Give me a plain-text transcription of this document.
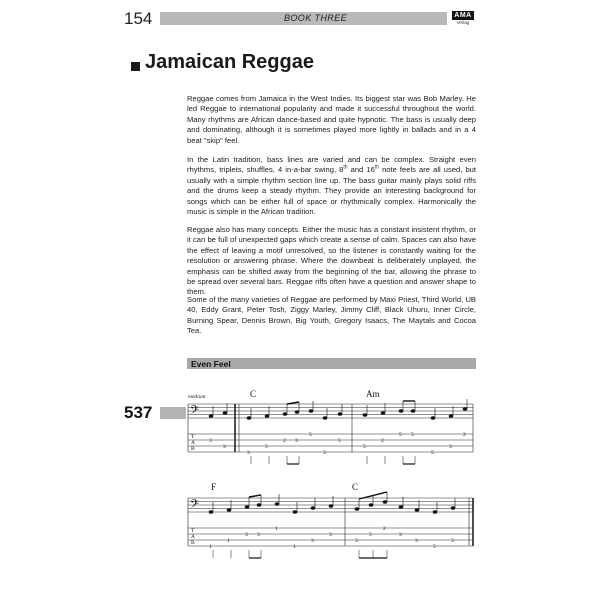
154	BOOK THREE	AMA
Verlag
Jamaican Reggae
Reggae comes from Jamaica in the West Indies. Its biggest star was Bob Marley. He led Reggae to international popularity and made it successful throughout the world. Many rhythms are African dance-based and quite hypnotic. The bass is usually deep and dominating, although it is sometimes played more lightly in ballads and in a 4 beat "skip" feel.
In the Latin tradition, bass lines are varied and can be complex. Straight even rhythms, triplets, shuffles, 4 in-a-bar swing, 8th and 16th note feels are all used, but usually with a simple rhythm section line up. The bass guitar mainly plays solid riffs and the drums keep a steady rhythm. They provide an interesting background for songs which can be either full of space or rhythmically complex. Harmonically the music is simple in the African tradition.
Reggae also has many concepts. Either the music has a constant insistent rhythm, or it can be full of unexpected gaps which create a sense of calm. Spaces can also have the effect of leaving a motif unresolved, so the listener is constantly waiting for the resolution or answering phrase. Where the downbeat is deliberately unplayed, the emphasis can be shifted away from the beginning of the bar, allowing the phrase to be spread over several bars. Reggae riffs often have a question and answer shape to them.
Some of the many varieties of Reggae are performed by Maxi Priest, Third World, UB 40, Eddy Grant, Peter Tosh, Ziggy Marley, Jimmy Cliff, Black Uhuru, Inner Circle, Burning Spear, Dennis Brown, Big Youth, Gregory Isaacs, The Maytals and Cocoa Tea.
Even Feel
537
medium	C	Am
F	C
𝄢
T
A
B
3
3
3
5
2 3
5
3
5
5
2
5 5
5
3
2
𝄢
T
A
B
1
1
3 3
1
1
3
3
3
5
2
3
3
5
3
